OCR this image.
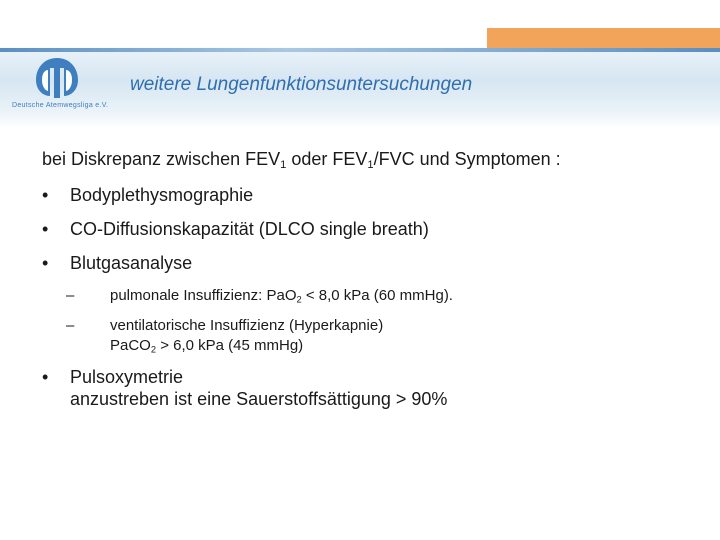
Deutsche Atemwegsliga e.V.
weitere Lungenfunktionsuntersuchungen
bei Diskrepanz zwischen $FEV_1$ oder $FEV_1$/FVC und Symptomen :
•	Bodyplethysmographie
•	CO-Diffusionskapazität (DLCO single breath)
•	Blutgasanalyse
–	pulmonale Insuffizienz: PaO$_2$ < 8,0 kPa (60 mmHg).
–	ventilatorische Insuffizienz (Hyperkapnie)
PaCO$_2$ > 6,0 kPa (45 mmHg)
•	Pulsoxymetrie
anzustreben ist eine Sauerstoffsättigung > 90%
